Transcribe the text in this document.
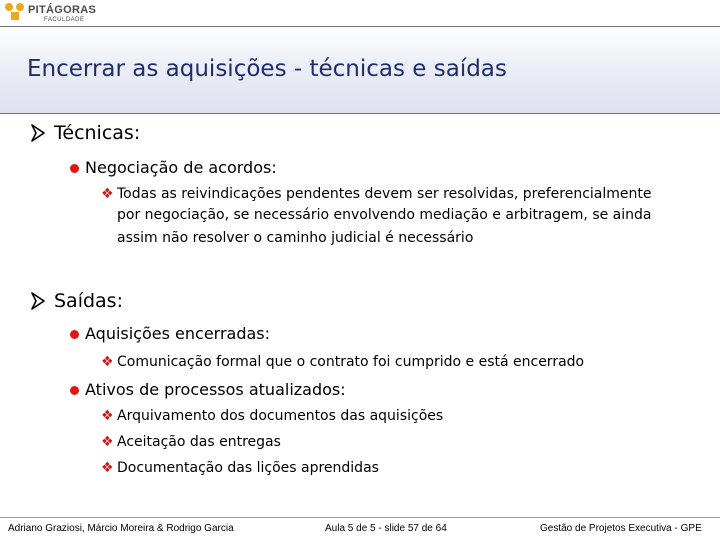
PITÁGORAS
FACULDADE
Encerrar as aquisições - técnicas e saídas
Técnicas:
Negociação de acordos:
❖ Todas as reivindicações pendentes devem ser resolvidas, preferencialmente
por negociação, se necessário envolvendo mediação e arbitragem, se ainda
assim não resolver o caminho judicial é necessário
Saídas:
Aquisições encerradas:
❖ Comunicação formal que o contrato foi cumprido e está encerrado
Ativos de processos atualizados:
❖ Arquivamento dos documentos das aquisições
❖ Aceitação das entregas
❖ Documentação das lições aprendidas
Adriano Graziosi, Márcio Moreira & Rodrigo Garcia	Aula 5 de 5 - slide 57 de 64	Gestão de Projetos Executiva - GPE
